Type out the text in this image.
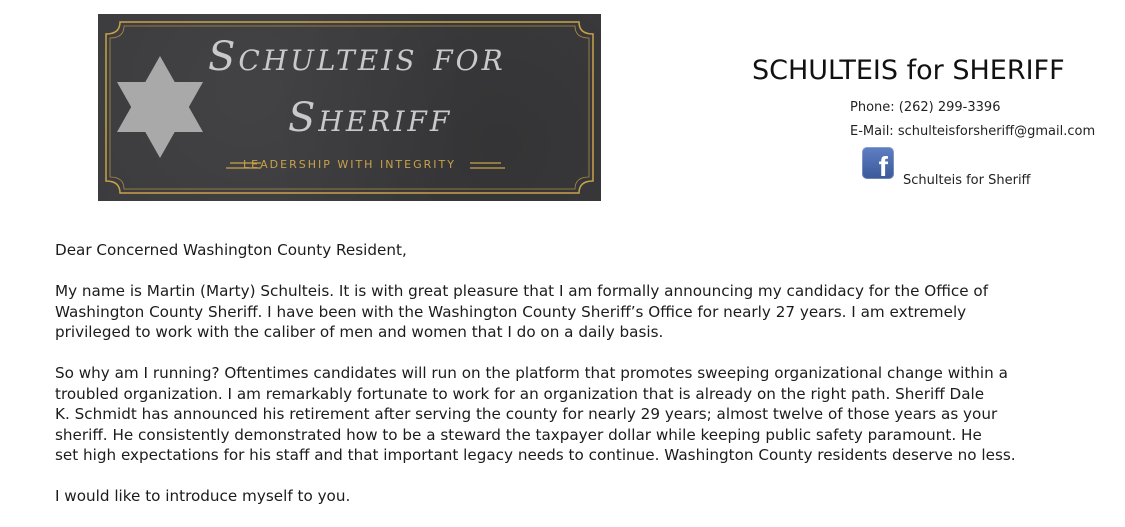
Schulteis for
Sheriff
LEADERSHIP WITH INTEGRITY
SCHULTEIS for SHERIFF
Phone: (262) 299-3396
E-Mail: schulteisforsheriff@gmail.com
f Schulteis for Sheriff

Dear Concerned Washington County Resident,

My name is Martin (Marty) Schulteis. It is with great pleasure that I am formally announcing my candidacy for the Office of
Washington County Sheriff. I have been with the Washington County Sheriff’s Office for nearly 27 years. I am extremely
privileged to work with the caliber of men and women that I do on a daily basis.

So why am I running? Oftentimes candidates will run on the platform that promotes sweeping organizational change within a
troubled organization. I am remarkably fortunate to work for an organization that is already on the right path. Sheriff Dale
K. Schmidt has announced his retirement after serving the county for nearly 29 years; almost twelve of those years as your
sheriff. He consistently demonstrated how to be a steward the taxpayer dollar while keeping public safety paramount. He
set high expectations for his staff and that important legacy needs to continue. Washington County residents deserve no less.

I would like to introduce myself to you.
